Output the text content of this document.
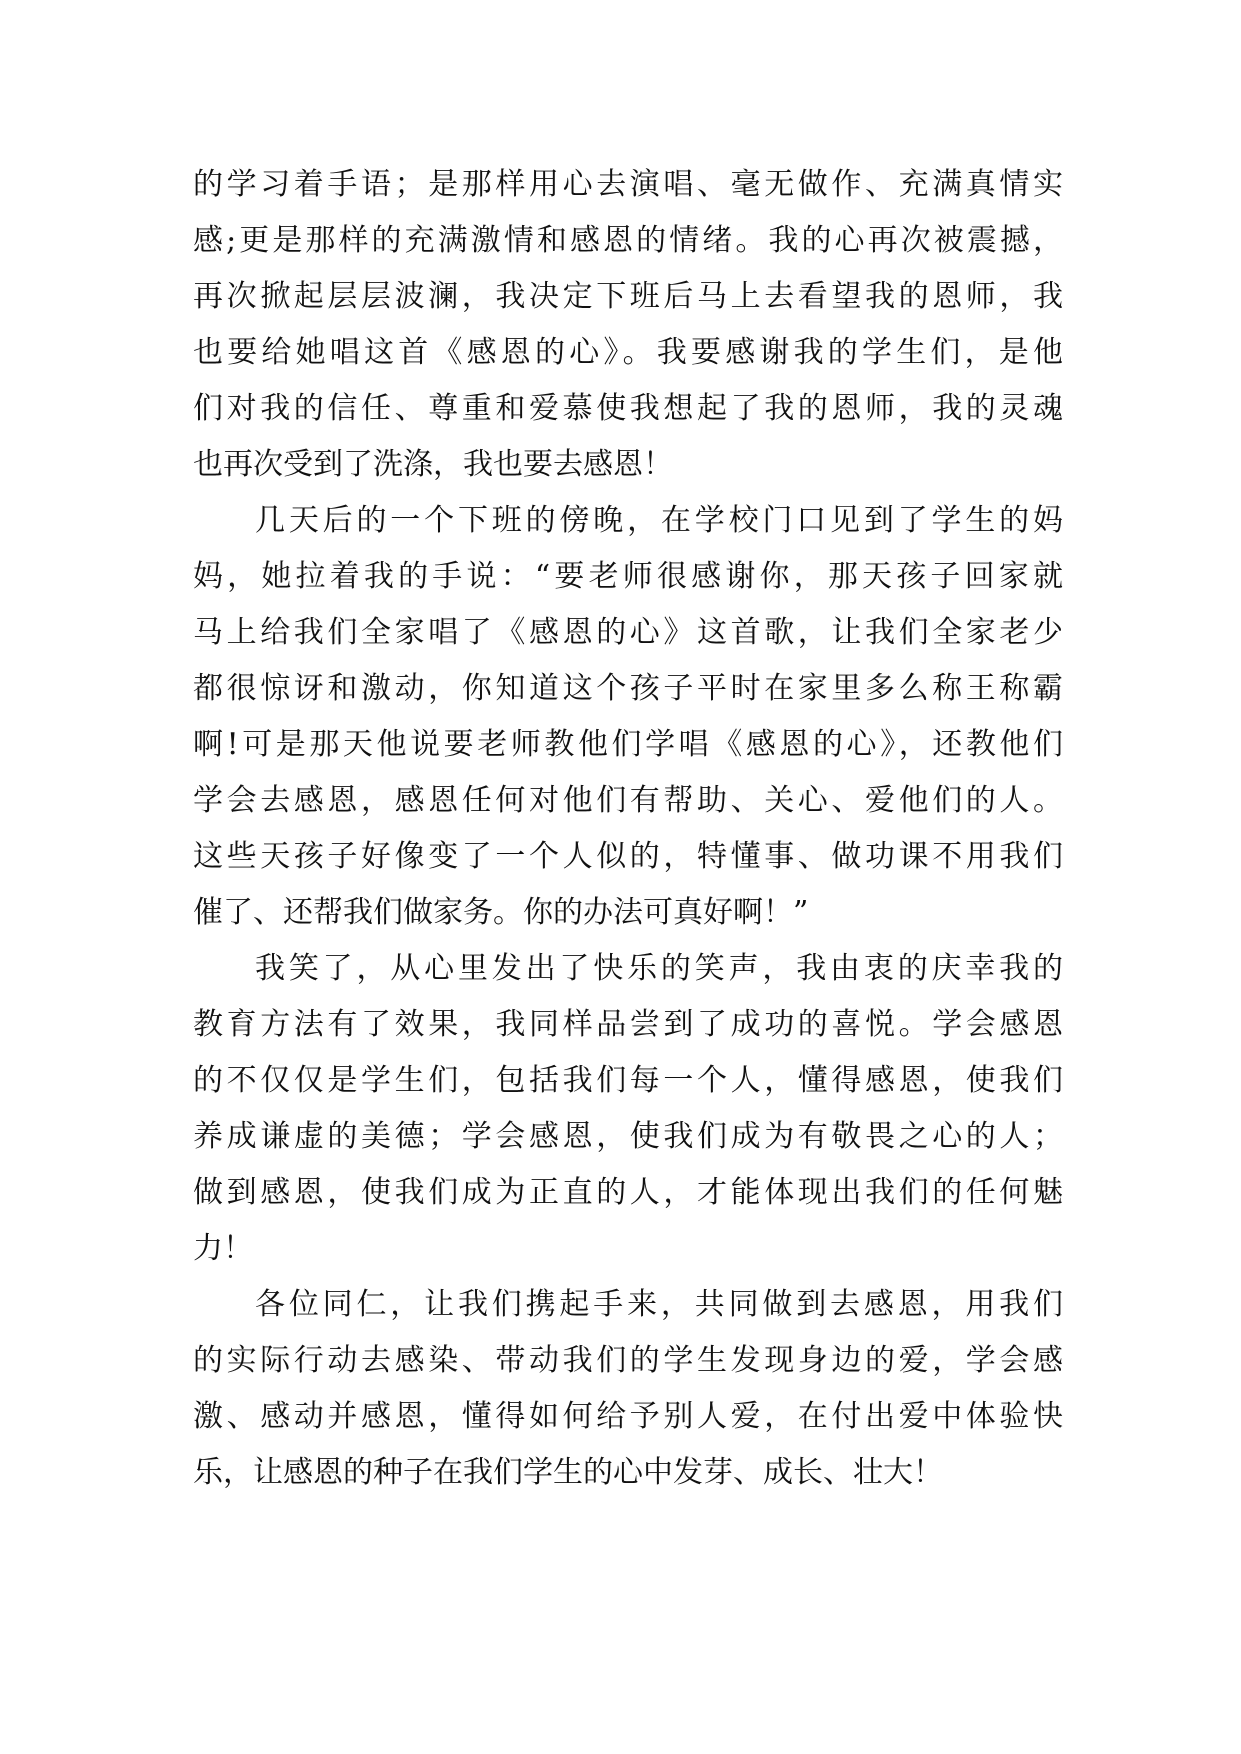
的学习着手语；是那样用心去演唱、毫无做作、充满真情实
感;更是那样的充满激情和感恩的情绪。我的心再次被震撼，
再次掀起层层波澜，我决定下班后马上去看望我的恩师，我
也要给她唱这首《感恩的心》。我要感谢我的学生们，是他
们对我的信任、尊重和爱慕使我想起了我的恩师，我的灵魂
也再次受到了洗涤，我也要去感恩！
几天后的一个下班的傍晚，在学校门口见到了学生的妈
妈，她拉着我的手说：“要老师很感谢你，那天孩子回家就
马上给我们全家唱了《感恩的心》这首歌，让我们全家老少
都很惊讶和激动，你知道这个孩子平时在家里多么称王称霸
啊!可是那天他说要老师教他们学唱《感恩的心》，还教他们
学会去感恩，感恩任何对他们有帮助、关心、爱他们的人。
这些天孩子好像变了一个人似的，特懂事、做功课不用我们
催了、还帮我们做家务。你的办法可真好啊！”
我笑了，从心里发出了快乐的笑声，我由衷的庆幸我的
教育方法有了效果，我同样品尝到了成功的喜悦。学会感恩
的不仅仅是学生们，包括我们每一个人，懂得感恩，使我们
养成谦虚的美德；学会感恩，使我们成为有敬畏之心的人；
做到感恩，使我们成为正直的人，才能体现出我们的任何魅
力！
各位同仁，让我们携起手来，共同做到去感恩，用我们
的实际行动去感染、带动我们的学生发现身边的爱，学会感
激、感动并感恩，懂得如何给予别人爱，在付出爱中体验快
乐，让感恩的种子在我们学生的心中发芽、成长、壮大！
